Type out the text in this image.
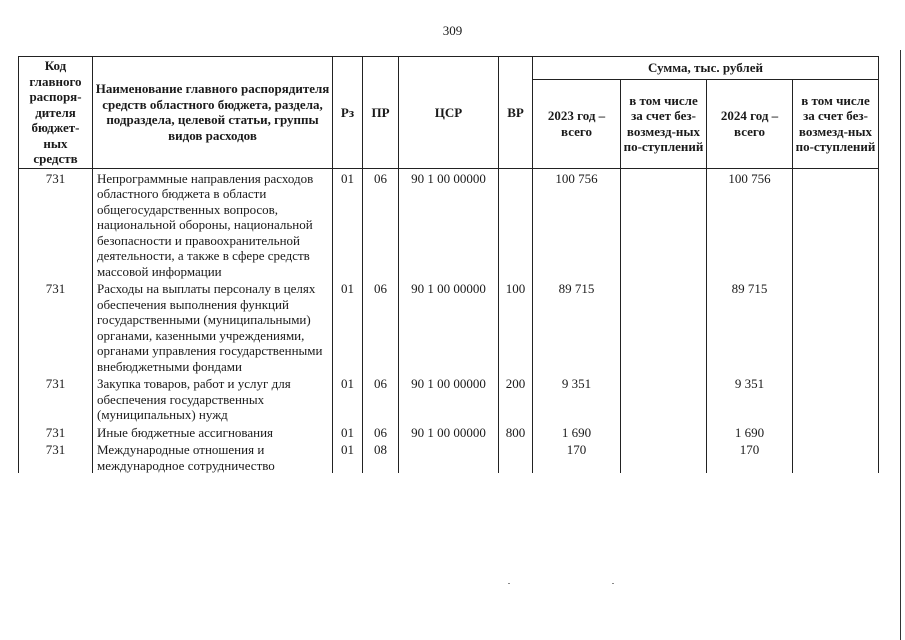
309
Код главного распоря-дителя бюджет-ных средств	Наименование главного распорядителя средств областного бюджета, раздела, подраздела, целевой статьи, группы видов расходов	Рз	ПР	ЦСР	ВР	Сумма, тыс. рублей			
						2023 год – всего	в том числе за счет без-возмезд-ных по-ступлений	2024 год – всего	в том числе за счет без-возмезд-ных по-ступлений
731	Непрограммные направления расходов областного бюджета в области общегосударственных вопросов, национальной обороны, национальной безопасности и правоохранительной деятельности, а также в сфере средств массовой информации	01	06	90 1 00 00000		100 756		100 756	
731	Расходы на выплаты персоналу в целях обеспечения выполнения функций государственными (муниципальными) органами, казенными учреждениями, органами управления государственными внебюджетными фондами	01	06	90 1 00 00000	100	89 715		89 715	
731	Закупка товаров, работ и услуг для обеспечения государственных (муниципальных) нужд	01	06	90 1 00 00000	200	9 351		9 351	
731	Иные бюджетные ассигнования	01	06	90 1 00 00000	800	1 690		1 690	
731	Международные отношения и международное сотрудничество	01	08			170		170	
